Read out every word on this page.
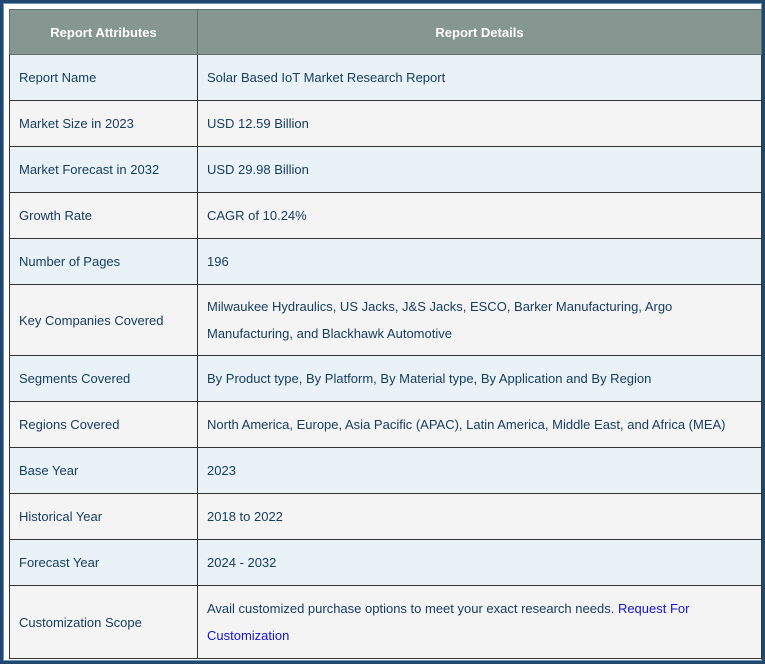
Report Attributes	Report Details
Report Name	Solar Based IoT Market Research Report
Market Size in 2023	USD 12.59 Billion
Market Forecast in 2032	USD 29.98 Billion
Growth Rate	CAGR of 10.24%
Number of Pages	196
Key Companies Covered	Milwaukee Hydraulics, US Jacks, J&S Jacks, ESCO, Barker Manufacturing, Argo Manufacturing, and Blackhawk Automotive
Segments Covered	By Product type, By Platform, By Material type, By Application and By Region
Regions Covered	North America, Europe, Asia Pacific (APAC), Latin America, Middle East, and Africa (MEA)
Base Year	2023
Historical Year	2018 to 2022
Forecast Year	2024 - 2032
Customization Scope	Avail customized purchase options to meet your exact research needs. Request For Customization
